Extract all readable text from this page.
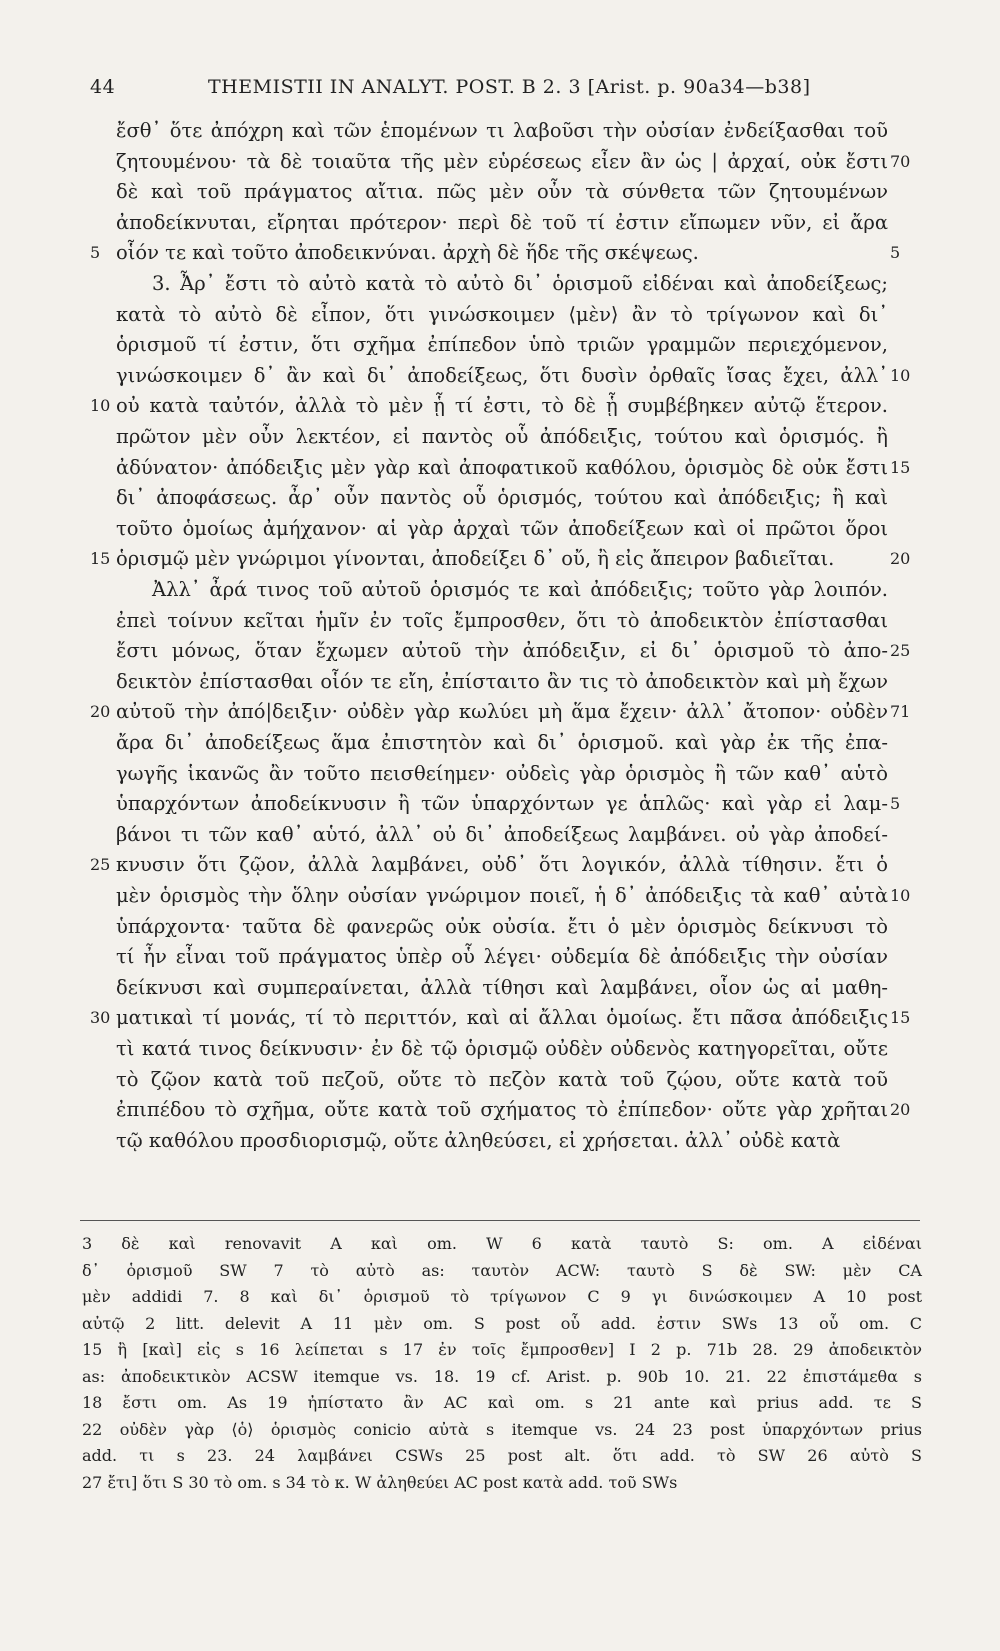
44	THEMISTII IN ANALYT. POST. B 2. 3 [Arist. p. 90a34—b38]
ἔσθ᾽ ὅτε ἀπόχρη καὶ τῶν ἑπομένων τι λαβοῦσι τὴν οὐσίαν ἐνδείξασθαι τοῦ
ζητουμένου· τὰ δὲ τοιαῦτα τῆς μὲν εὑρέσεως εἶεν ἂν ὡς | ἀρχαί, οὐκ ἔστι 70
δὲ καὶ τοῦ πράγματος αἴτια. πῶς μὲν οὖν τὰ σύνθετα τῶν ζητουμένων
ἀποδείκνυται, εἴρηται πρότερον· περὶ δὲ τοῦ τί ἐστιν εἴπωμεν νῦν, εἰ ἄρα
οἷόν τε καὶ τοῦτο ἀποδεικνύναι. ἀρχὴ δὲ ἥδε τῆς σκέψεως.
5	5
3. Ἆρ᾽ ἔστι τὸ αὐτὸ κατὰ τὸ αὐτὸ δι᾽ ὁρισμοῦ εἰδέναι καὶ ἀποδείξεως;
κατὰ τὸ αὐτὸ δὲ εἶπον, ὅτι γινώσκοιμεν ⟨μὲν⟩ ἂν τὸ τρίγωνον καὶ δι᾽
ὁρισμοῦ τί ἐστιν, ὅτι σχῆμα ἐπίπεδον ὑπὸ τριῶν γραμμῶν περιεχόμενον,
γινώσκοιμεν δ᾽ ἂν καὶ δι᾽ ἀποδείξεως, ὅτι δυσὶν ὀρθαῖς ἴσας ἔχει, ἀλλ᾽ 10
οὐ κατὰ ταὐτόν, ἀλλὰ τὸ μὲν ᾗ τί ἐστι, τὸ δὲ ᾗ συμβέβηκεν αὐτῷ ἕτερον.
10
πρῶτον μὲν οὖν λεκτέον, εἰ παντὸς οὗ ἀπόδειξις, τούτου καὶ ὁρισμός. ἢ
ἀδύνατον· ἀπόδειξις μὲν γὰρ καὶ ἀποφατικοῦ καθόλου, ὁρισμὸς δὲ οὐκ ἔστι 15
δι᾽ ἀποφάσεως. ἆρ᾽ οὖν παντὸς οὗ ὁρισμός, τούτου καὶ ἀπόδειξις; ἢ καὶ
τοῦτο ὁμοίως ἀμήχανον· αἱ γὰρ ἀρχαὶ τῶν ἀποδείξεων καὶ οἱ πρῶτοι ὅροι
ὁρισμῷ μὲν γνώριμοι γίνονται, ἀποδείξει δ᾽ οὔ, ἢ εἰς ἄπειρον βαδιεῖται.
15	20
Ἀλλ᾽ ἆρά τινος τοῦ αὐτοῦ ὁρισμός τε καὶ ἀπόδειξις; τοῦτο γὰρ λοιπόν.
ἐπεὶ τοίνυν κεῖται ἡμῖν ἐν τοῖς ἔμπροσθεν, ὅτι τὸ ἀποδεικτὸν ἐπίστασθαι
ἔστι μόνως, ὅταν ἔχωμεν αὐτοῦ τὴν ἀπόδειξιν, εἰ δι᾽ ὁρισμοῦ τὸ ἀπο- 25
δεικτὸν ἐπίστασθαι οἷόν τε εἴη, ἐπίσταιτο ἂν τις τὸ ἀποδεικτὸν καὶ μὴ ἔχων
αὐτοῦ τὴν ἀπό|δειξιν· οὐδὲν γὰρ κωλύει μὴ ἅμα ἔχειν· ἀλλ᾽ ἄτοπον· οὐδὲν
20	71
ἄρα δι᾽ ἀποδείξεως ἅμα ἐπιστητὸν καὶ δι᾽ ὁρισμοῦ. καὶ γὰρ ἐκ τῆς ἐπα-
γωγῆς ἱκανῶς ἂν τοῦτο πεισθείημεν· οὐδεὶς γὰρ ὁρισμὸς ἢ τῶν καθ᾽ αὑτὸ
ὑπαρχόντων ἀποδείκνυσιν ἢ τῶν ὑπαρχόντων γε ἁπλῶς· καὶ γὰρ εἰ λαμ- 5
βάνοι τι τῶν καθ᾽ αὑτό, ἀλλ᾽ οὐ δι᾽ ἀποδείξεως λαμβάνει. οὐ γὰρ ἀποδεί-
κνυσιν ὅτι ζῷον, ἀλλὰ λαμβάνει, οὐδ᾽ ὅτι λογικόν, ἀλλὰ τίθησιν. ἔτι ὁ
25
μὲν ὁρισμὸς τὴν ὅλην οὐσίαν γνώριμον ποιεῖ, ἡ δ᾽ ἀπόδειξις τὰ καθ᾽ αὑτὰ 10
ὑπάρχοντα· ταῦτα δὲ φανερῶς οὐκ οὐσία. ἔτι ὁ μὲν ὁρισμὸς δείκνυσι τὸ
τί ἦν εἶναι τοῦ πράγματος ὑπὲρ οὗ λέγει· οὐδεμία δὲ ἀπόδειξις τὴν οὐσίαν
δείκνυσι καὶ συμπεραίνεται, ἀλλὰ τίθησι καὶ λαμβάνει, οἷον ὡς αἱ μαθη-
ματικαὶ τί μονάς, τί τὸ περιττόν, καὶ αἱ ἄλλαι ὁμοίως. ἔτι πᾶσα ἀπόδειξις
30	15
τὶ κατά τινος δείκνυσιν· ἐν δὲ τῷ ὁρισμῷ οὐδὲν οὐδενὸς κατηγορεῖται, οὔτε
τὸ ζῷον κατὰ τοῦ πεζοῦ, οὔτε τὸ πεζὸν κατὰ τοῦ ζῴου, οὔτε κατὰ τοῦ
ἐπιπέδου τὸ σχῆμα, οὔτε κατὰ τοῦ σχήματος τὸ ἐπίπεδον· οὔτε γὰρ χρῆται 20
τῷ καθόλου προσδιορισμῷ, οὔτε ἀληθεύσει, εἰ χρήσεται. ἀλλ᾽ οὐδὲ κατὰ
3 δὲ καὶ renovavit A καὶ om. W 6 κατὰ ταυτὸ S: om. A εἰδέναι
δ᾽ ὁρισμοῦ SW 7 τὸ αὐτὸ as: ταυτὸν ACW: ταυτὸ S δὲ SW: μὲν CA
μὲν addidi 7. 8 καὶ δι᾽ ὁρισμοῦ τὸ τρίγωνον C 9 γι δινώσκοιμεν A 10 post
αὐτῷ 2 litt. delevit A 11 μὲν om. S post οὗ add. ἐστιν SWs 13 οὗ om. C
15 ἢ [καὶ] εἰς s 16 λείπεται s 17 ἐν τοῖς ἔμπροσθεν] I 2 p. 71b 28. 29 ἀποδεικτὸν
as: ἀποδεικτικὸν ACSW itemque vs. 18. 19 cf. Arist. p. 90b 10. 21. 22 ἐπιστάμεθα s
18 ἔστι om. As 19 ἠπίστατο ἂν AC καὶ om. s 21 ante καὶ prius add. τε S
22 οὐδὲν γὰρ ⟨ὁ⟩ ὁρισμὸς conicio αὐτὰ s itemque vs. 24 23 post ὑπαρχόντων prius
add. τι s 23. 24 λαμβάνει CSWs 25 post alt. ὅτι add. τὸ SW 26 αὐτὸ S
27 ἔτι] ὅτι S 30 τὸ om. s 34 τὸ κ. W ἀληθεύει AC post κατὰ add. τοῦ SWs
